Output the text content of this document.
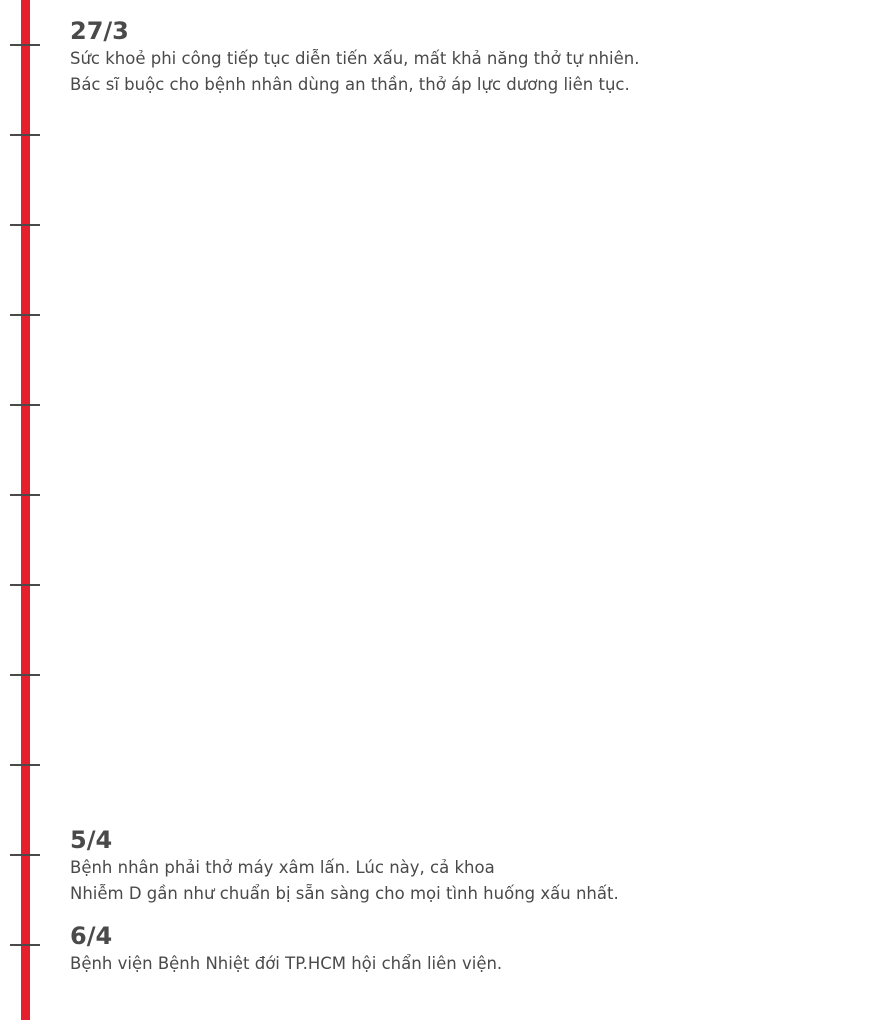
27/3
Sức khoẻ phi công tiếp tục diễn tiến xấu, mất khả năng thở tự nhiên.
Bác sĩ buộc cho bệnh nhân dùng an thần, thở áp lực dương liên tục.
5/4
Bệnh nhân phải thở máy xâm lấn. Lúc này, cả khoa
Nhiễm D gần như chuẩn bị sẵn sàng cho mọi tình huống xấu nhất.
6/4
Bệnh viện Bệnh Nhiệt đới TP.HCM hội chẩn liên viện.
